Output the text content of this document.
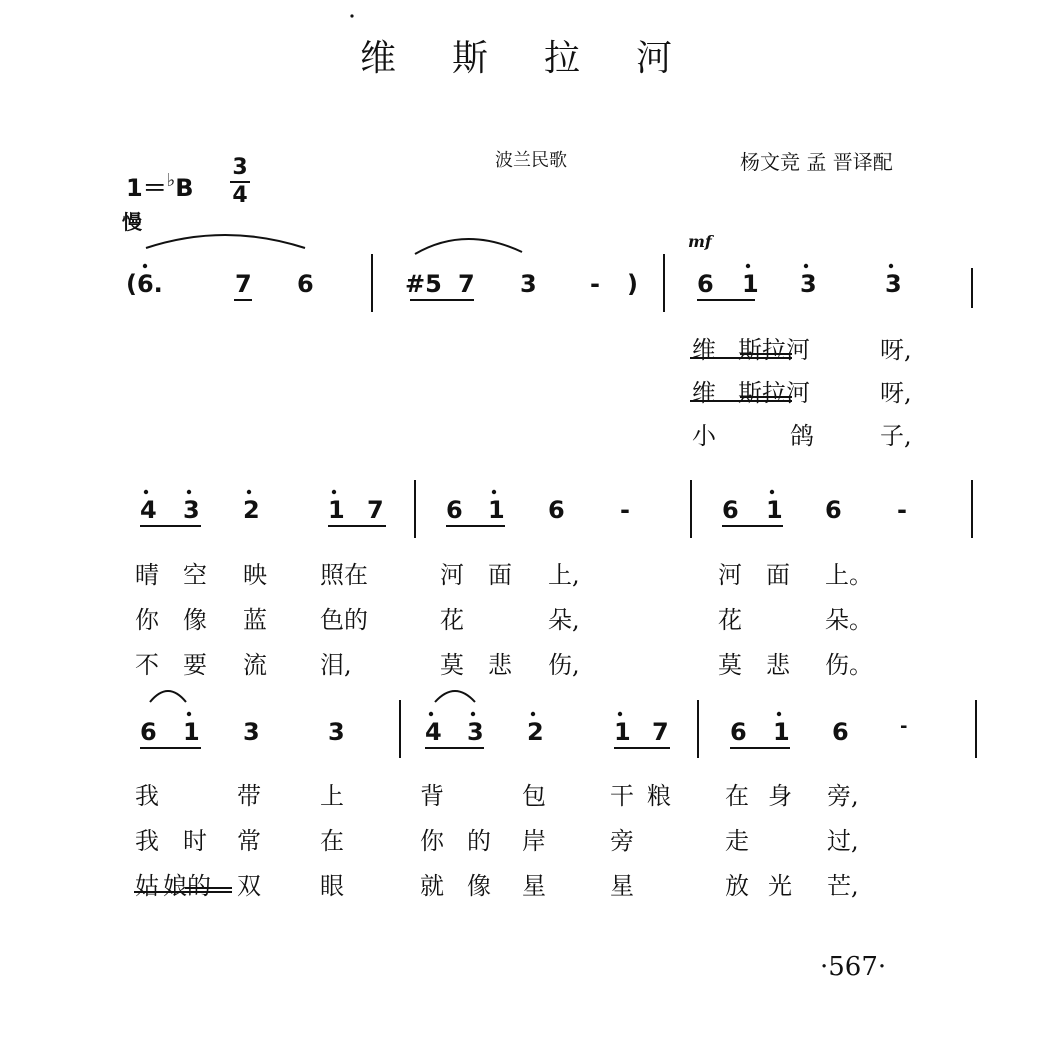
维 斯 拉 河
波兰民歌	杨文竞 孟 晋译配
1＝♭B
3
4
慢
mf
(6.	7 6	#5 7 3 - ) 6 1 3	3
维 斯拉河	呀,
维 斯拉河	呀,
小	鸽	子,
4 3 2	1 7	6 1 6 -	6 1 6 -
晴 空 映 照在	河 面 上,	河 面 上。
你 像 蓝 色的	花	朵,	花	朵。
不 要 流 泪,	莫 悲 伤,	莫 悲 伤。
6 1 3	3	4 3 2	1 7	6 1 6	-
我	带 上	背	包	干 粮 在 身 旁,
我 时 常 在	你 的 岸	旁	走	过,
姑 娘的 双 眼	就 像 星	星	放 光 芒,
·567·
